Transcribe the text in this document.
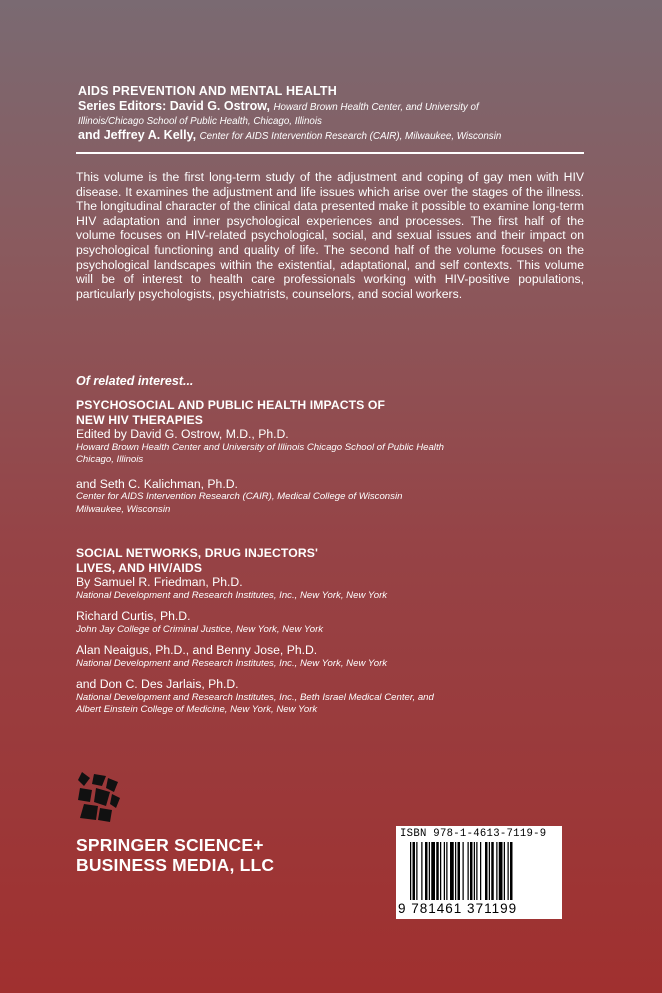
AIDS PREVENTION AND MENTAL HEALTH
Series Editors: David G. Ostrow, Howard Brown Health Center, and University of
Illinois/Chicago School of Public Health, Chicago, Illinois
and Jeffrey A. Kelly, Center for AIDS Intervention Research (CAIR), Milwaukee, Wisconsin
This volume is the first long-term study of the adjustment and coping of gay men with HIV disease. It examines the adjustment and life issues which arise over the stages of the illness. The longitudinal character of the clinical data presented make it possible to examine long-term HIV adaptation and inner psychological experiences and processes. The first half of the volume focuses on HIV-related psychological, social, and sexual issues and their impact on psychological functioning and quality of life. The second half of the volume focuses on the psychological landscapes within the existential, adaptational, and self contexts. This volume will be of interest to health care professionals working with HIV-positive populations, particularly psychologists, psychiatrists, counselors, and social workers.
Of related interest...
PSYCHOSOCIAL AND PUBLIC HEALTH IMPACTS OF
NEW HIV THERAPIES
Edited by David G. Ostrow, M.D., Ph.D.
Howard Brown Health Center and University of Illinois Chicago School of Public Health
Chicago, Illinois
and Seth C. Kalichman, Ph.D.
Center for AIDS Intervention Research (CAIR), Medical College of Wisconsin
Milwaukee, Wisconsin
SOCIAL NETWORKS, DRUG INJECTORS'
LIVES, AND HIV/AIDS
By Samuel R. Friedman, Ph.D.
National Development and Research Institutes, Inc., New York, New York
Richard Curtis, Ph.D.
John Jay College of Criminal Justice, New York, New York
Alan Neaigus, Ph.D., and Benny Jose, Ph.D.
National Development and Research Institutes, Inc., New York, New York
and Don C. Des Jarlais, Ph.D.
National Development and Research Institutes, Inc., Beth Israel Medical Center, and
Albert Einstein College of Medicine, New York, New York
SPRINGER SCIENCE+
BUSINESS MEDIA, LLC
ISBN 978-1-4613-7119-9
9 781461 371199
